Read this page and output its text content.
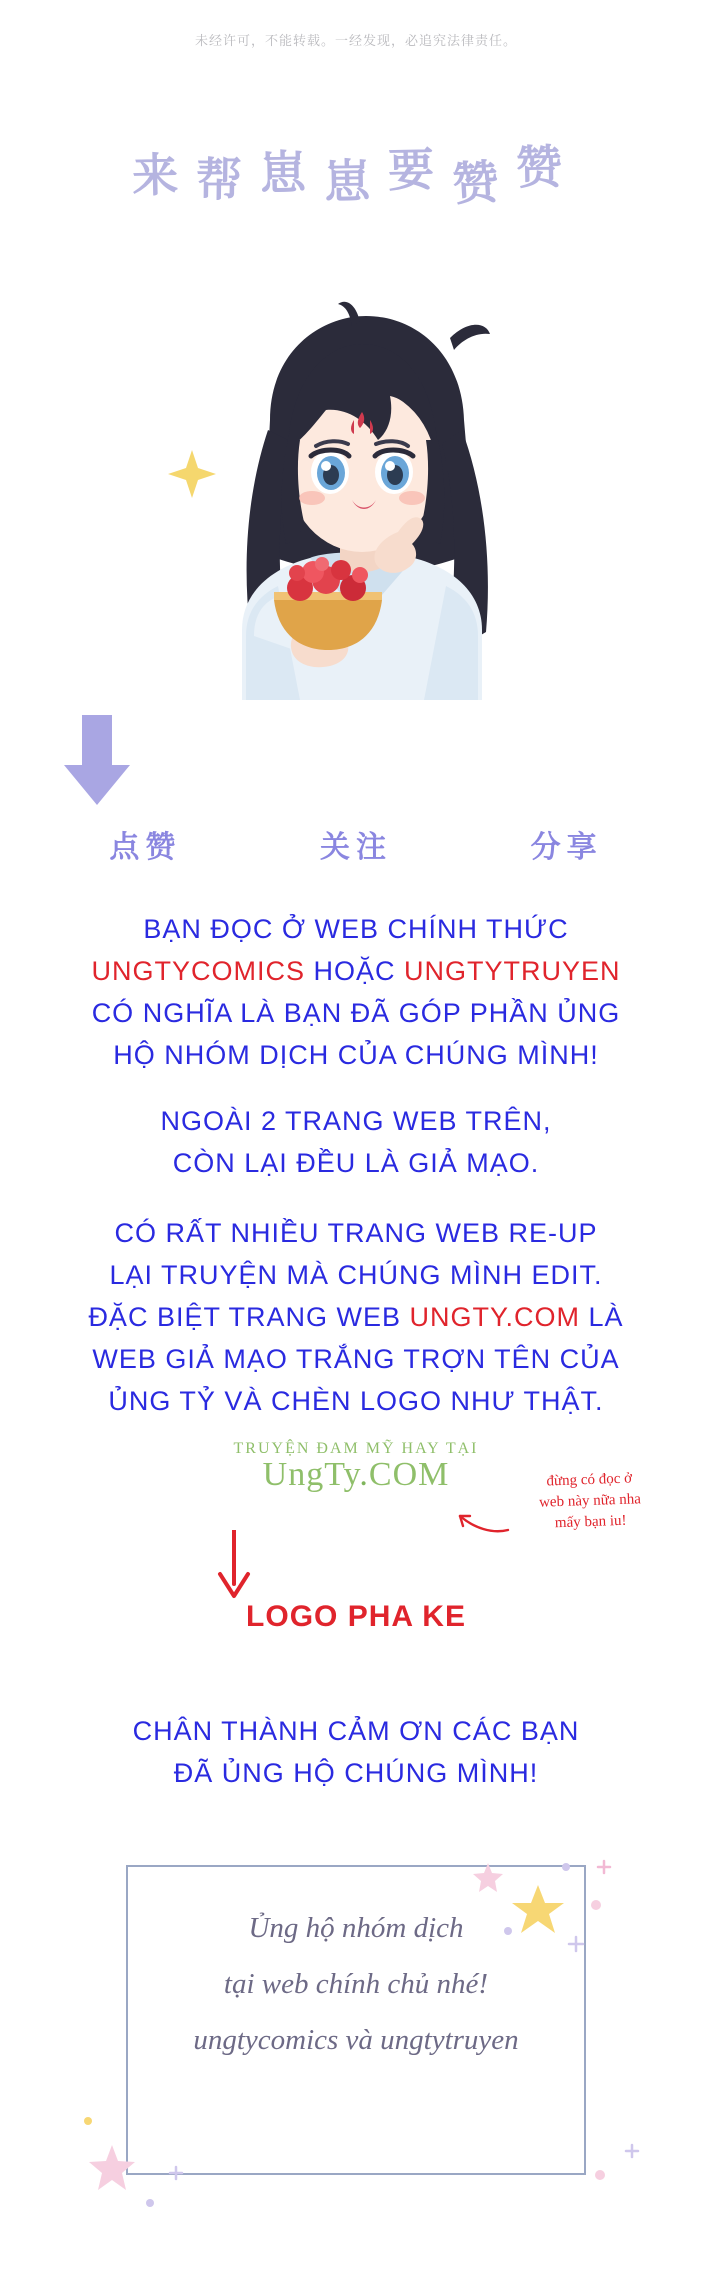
未经许可，不能转载。一经发现，必追究法律责任。
来帮崽崽要赞赞
点赞	关注	分享
BẠN ĐỌC Ở WEB CHÍNH THỨC
UNGTYCOMICS HOẶC UNGTYTRUYEN
CÓ NGHĨA LÀ BẠN ĐÃ GÓP PHẦN ỦNG
HỘ NHÓM DỊCH CỦA CHÚNG MÌNH!
NGOÀI 2 TRANG WEB TRÊN,
CÒN LẠI ĐỀU LÀ GIẢ MẠO.
CÓ RẤT NHIỀU TRANG WEB RE-UP
LẠI TRUYỆN MÀ CHÚNG MÌNH EDIT.
ĐẶC BIỆT TRANG WEB UNGTY.COM LÀ
WEB GIẢ MẠO TRẮNG TRỢN TÊN CỦA
ỦNG TỶ VÀ CHÈN LOGO NHƯ THẬT.
TRUYỆN ĐAM MỸ HAY TẠI
UngTy.COM	đừng có đọc ở
web này nữa nha
mấy bạn iu!
LOGO PHA KE
CHÂN THÀNH CẢM ƠN CÁC BẠN
ĐÃ ỦNG HỘ CHÚNG MÌNH!
Ủng hộ nhóm dịch
tại web chính chủ nhé!
ungtycomics và ungtytruyen
